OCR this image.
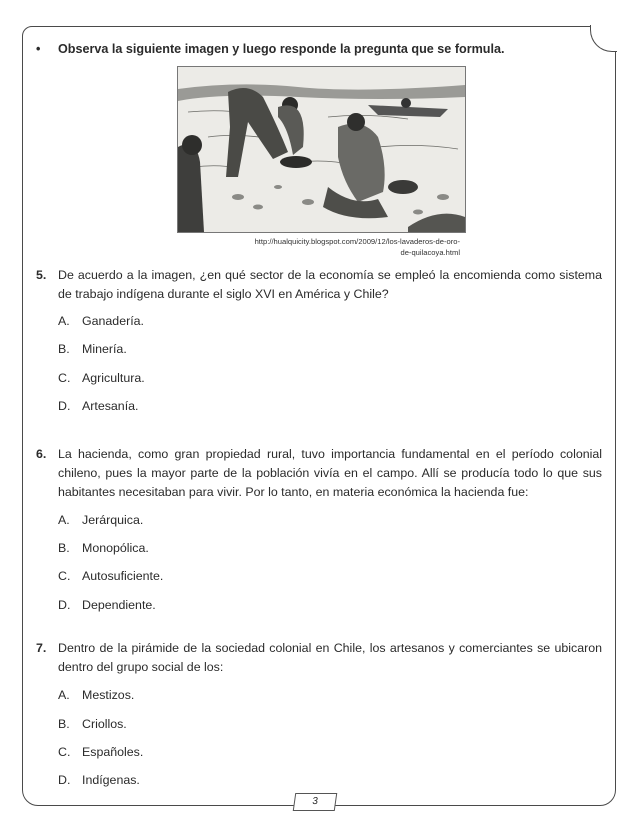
• Observa la siguiente imagen y luego responde la pregunta que se formula.
http://hualquicity.blogspot.com/2009/12/los-lavaderos-de-oro-
de-quilacoya.html
5. De acuerdo a la imagen, ¿en qué sector de la economía se empleó la encomienda como sistema de trabajo indígena durante el siglo XVI en América y Chile?
A. Ganadería.
B. Minería.
C. Agricultura.
D. Artesanía.
6. La hacienda, como gran propiedad rural, tuvo importancia fundamental en el período colonial chileno, pues la mayor parte de la población vivía en el campo. Allí se producía todo lo que sus habitantes necesitaban para vivir. Por lo tanto, en materia económica la hacienda fue:
A. Jerárquica.
B. Monopólica.
C. Autosuficiente.
D. Dependiente.
7. Dentro de la pirámide de la sociedad colonial en Chile, los artesanos y comerciantes se ubicaron dentro del grupo social de los:
A. Mestizos.
B. Criollos.
C. Españoles.
D. Indígenas.
3
